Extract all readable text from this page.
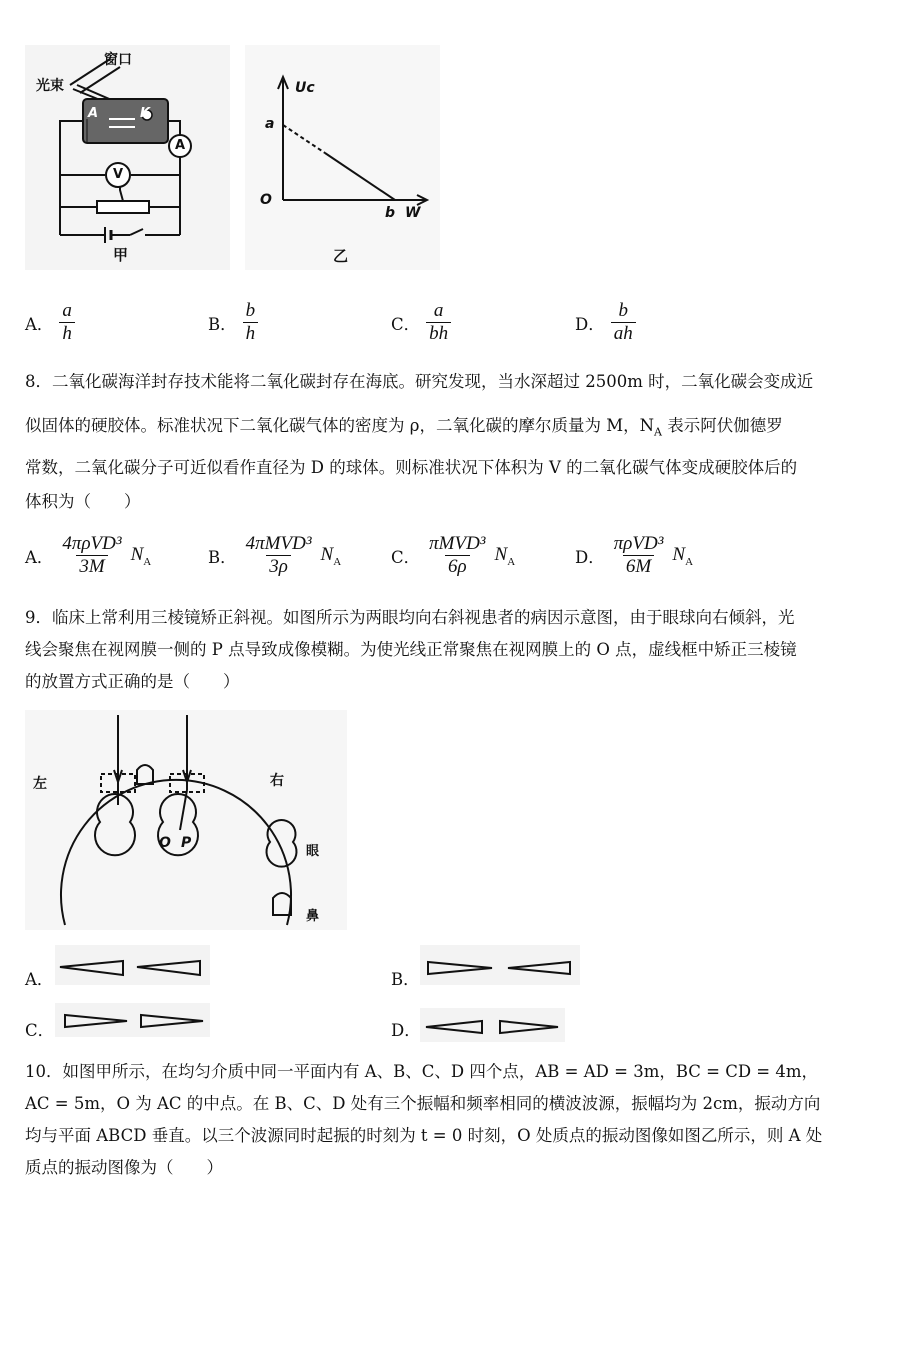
窗口
光束
A	K
V
A
甲
Uc
a
O
b W
乙
A． $\frac{a}{h}$	B． $\frac{b}{h}$	C． $\frac{a}{bh}$	D． $\frac{b}{ah}$
8．二氧化碳海洋封存技术能将二氧化碳封存在海底。研究发现，当水深超过 2500m 时，二氧化碳会变成近
似固体的硬胶体。标准状况下二氧化碳气体的密度为 ρ，二氧化碳的摩尔质量为 M，$N_A$ 表示阿伏伽德罗
常数，二氧化碳分子可近似看作直径为 D 的球体。则标准状况下体积为 V 的二氧化碳气体变成硬胶体后的
体积为（　　）
A． $\frac{\text{4πρVD³}}{3M} N_A$	B． $\frac{\text{4πMVD³}}{3\rho} N_A$	C． $\frac{\text{πMVD³}}{6\rho} N_A$	D． $\frac{\text{πρVD³}}{6M} N_A$
9．临床上常利用三棱镜矫正斜视。如图所示为两眼均向右斜视患者的病因示意图，由于眼球向右倾斜，光
线会聚焦在视网膜一侧的 P 点导致成像模糊。为使光线正常聚焦在视网膜上的 O 点，虚线框中矫正三棱镜
的放置方式正确的是（　　）
左	右
O P
眼
鼻
A．	B．
C．	D．
10．如图甲所示，在均匀介质中同一平面内有 A、B、C、D 四个点，AB = AD = 3m，BC = CD = 4m，
AC = 5m，O 为 AC 的中点。在 B、C、D 处有三个振幅和频率相同的横波波源，振幅均为 2cm，振动方向
均与平面 ABCD 垂直。以三个波源同时起振的时刻为 t = 0 时刻，O 处质点的振动图像如图乙所示，则 A 处
质点的振动图像为（　　）
